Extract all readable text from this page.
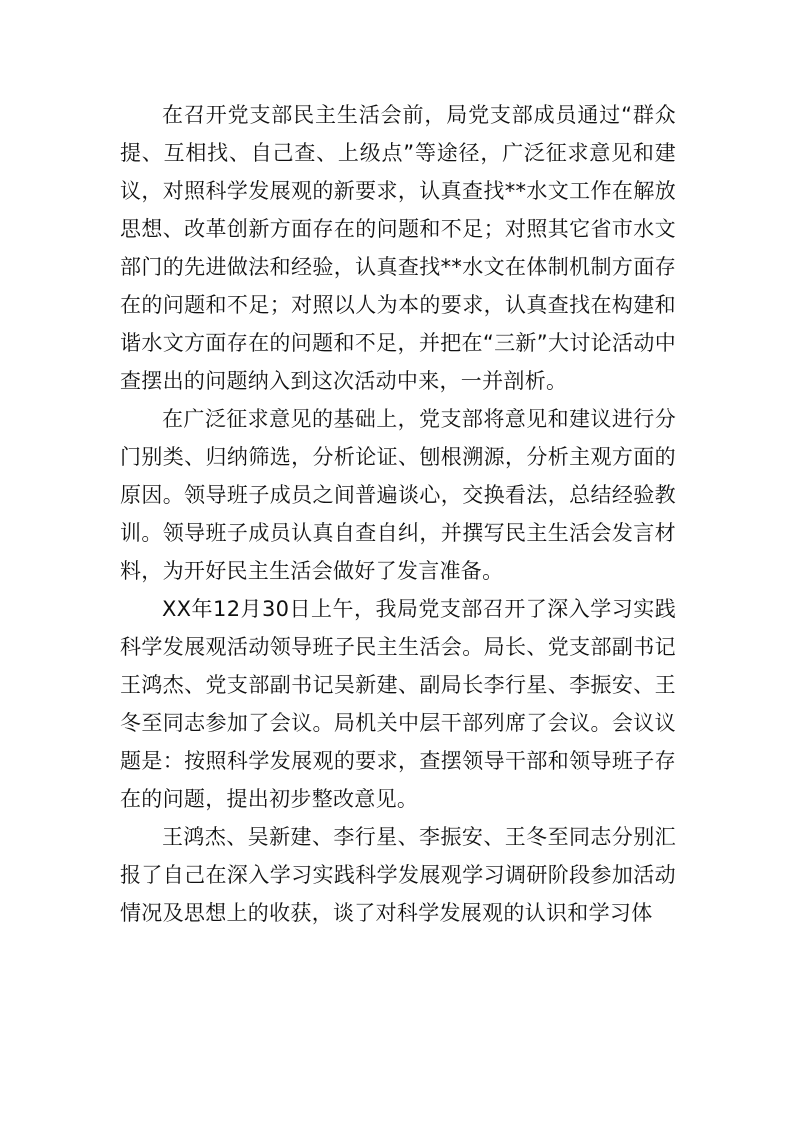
在召开党支部民主生活会前，局党支部成员通过“群众提、互相找、自己查、上级点”等途径，广泛征求意见和建议，对照科学发展观的新要求，认真查找**水文工作在解放思想、改革创新方面存在的问题和不足；对照其它省市水文部门的先进做法和经验，认真查找**水文在体制机制方面存在的问题和不足；对照以人为本的要求，认真查找在构建和谐水文方面存在的问题和不足，并把在“三新”大讨论活动中查摆出的问题纳入到这次活动中来，一并剖析。

在广泛征求意见的基础上，党支部将意见和建议进行分门别类、归纳筛选，分析论证、刨根溯源，分析主观方面的原因。领导班子成员之间普遍谈心，交换看法，总结经验教训。领导班子成员认真自查自纠，并撰写民主生活会发言材料，为开好民主生活会做好了发言准备。

XX年12月30日上午，我局党支部召开了深入学习实践科学发展观活动领导班子民主生活会。局长、党支部副书记王鸿杰、党支部副书记吴新建、副局长李行星、李振安、王冬至同志参加了会议。局机关中层干部列席了会议。会议议题是：按照科学发展观的要求，查摆领导干部和领导班子存在的问题，提出初步整改意见。

王鸿杰、吴新建、李行星、李振安、王冬至同志分别汇报了自己在深入学习实践科学发展观学习调研阶段参加活动情况及思想上的收获，谈了对科学发展观的认识和学习体
